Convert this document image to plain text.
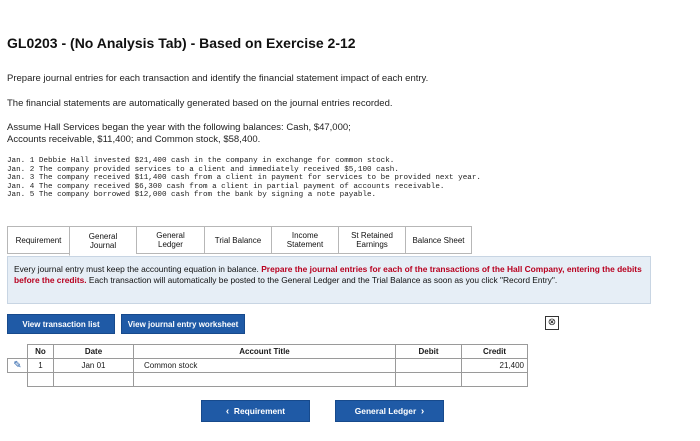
GL0203 - (No Analysis Tab) - Based on Exercise 2-12
Prepare journal entries for each transaction and identify the financial statement impact of each entry.
The financial statements are automatically generated based on the journal entries recorded.
Assume Hall Services began the year with the following balances: Cash, $47,000;
Accounts receivable, $11,400; and Common stock, $58,400.
Jan. 1 Debbie Hall invested $21,400 cash in the company in exchange for common stock.
Jan. 2 The company provided services to a client and immediately received $5,100 cash.
Jan. 3 The company received $11,400 cash from a client in payment for services to be provided next year.
Jan. 4 The company received $6,300 cash from a client in partial payment of accounts receivable.
Jan. 5 The company borrowed $12,000 cash from the bank by signing a note payable.
Requirement	General
Journal
General
Ledger	Trial Balance	Income
Statement
St Retained
Earnings	Balance Sheet
Every journal entry must keep the accounting equation in balance. Prepare the journal entries for each of the transactions of the Hall Company, entering the debits before the credits. Each transaction will automatically be posted to the General Ledger and the Trial Balance as soon as you click "Record Entry".
View transaction list	View journal entry worksheet	⊗
	No	Date	Account Title	Debit	Credit
✎	1	Jan 01	Common stock		21,400

‹
Requirement	General Ledger
›
